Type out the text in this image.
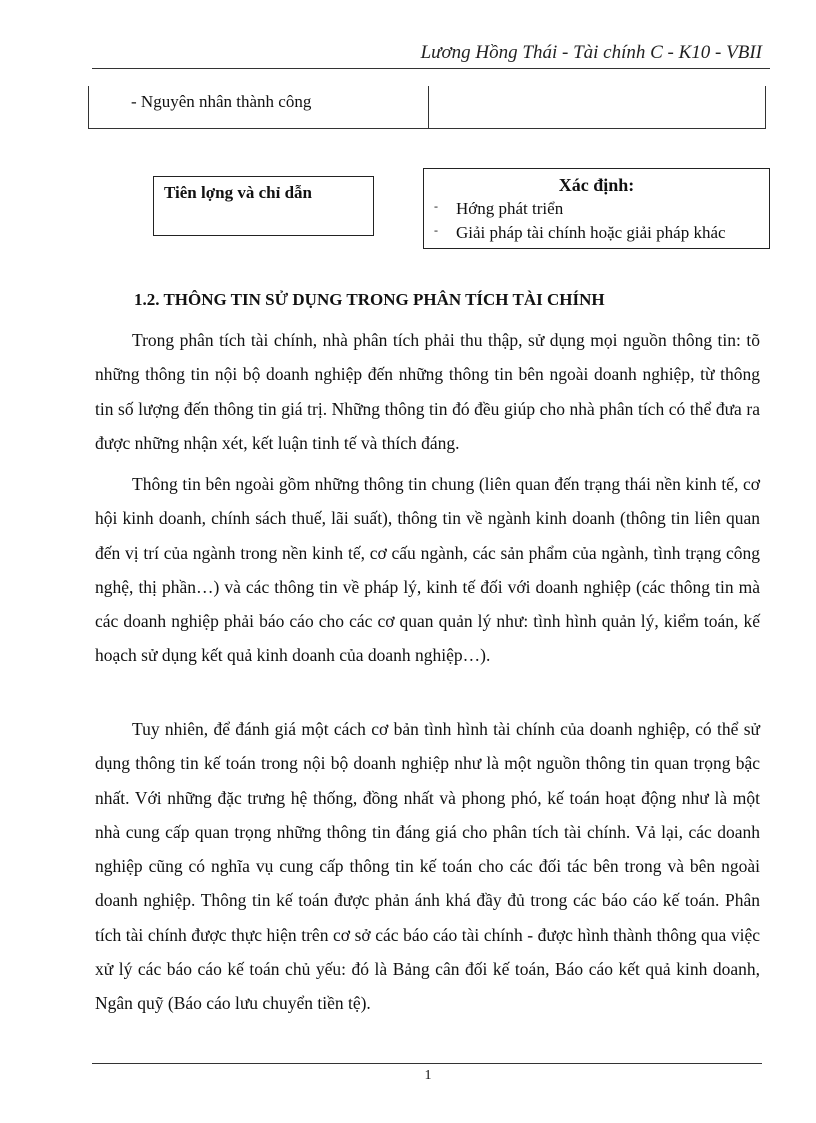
Lương Hồng Thái - Tài chính C - K10 - VBII
- Nguyên nhân thành công
Tiên lợng và chỉ dẫn	Xác định:
- Hớng phát triển
- Giải pháp tài chính hoặc giải pháp khác
1.2. THÔNG TIN SỬ DỤNG TRONG PHÂN TÍCH TÀI CHÍNH

Trong phân tích tài chính, nhà phân tích phải thu thập, sử dụng mọi nguồn thông tin: tõ những thông tin nội bộ doanh nghiệp đến những thông tin bên ngoài doanh nghiệp, từ thông tin số lượng đến thông tin giá trị. Những thông tin đó đều giúp cho nhà phân tích có thể đưa ra được những nhận xét, kết luận tinh tế và thích đáng.

Thông tin bên ngoài gồm những thông tin chung (liên quan đến trạng thái nền kinh tế, cơ hội kinh doanh, chính sách thuế, lãi suất), thông tin về ngành kinh doanh (thông tin liên quan đến vị trí của ngành trong nền kinh tế, cơ cấu ngành, các sản phẩm của ngành, tình trạng công nghệ, thị phần…) và các thông tin về pháp lý, kinh tế đối với doanh nghiệp (các thông tin mà các doanh nghiệp phải báo cáo cho các cơ quan quản lý như: tình hình quản lý, kiểm toán, kế hoạch sử dụng kết quả kinh doanh của doanh nghiệp…).

Tuy nhiên, để đánh giá một cách cơ bản tình hình tài chính của doanh nghiệp, có thể sử dụng thông tin kế toán trong nội bộ doanh nghiệp như là một nguồn thông tin quan trọng bậc nhất. Với những đặc trưng hệ thống, đồng nhất và phong phó, kế toán hoạt động như là một nhà cung cấp quan trọng những thông tin đáng giá cho phân tích tài chính. Vả lại, các doanh nghiệp cũng có nghĩa vụ cung cấp thông tin kế toán cho các đối tác bên trong và bên ngoài doanh nghiệp. Thông tin kế toán được phản ánh khá đầy đủ trong các báo cáo kế toán. Phân tích tài chính được thực hiện trên cơ sở các báo cáo tài chính - được hình thành thông qua việc xử lý các báo cáo kế toán chủ yếu: đó là Bảng cân đối kế toán, Báo cáo kết quả kinh doanh, Ngân quỹ (Báo cáo lưu chuyển tiền tệ).

1
